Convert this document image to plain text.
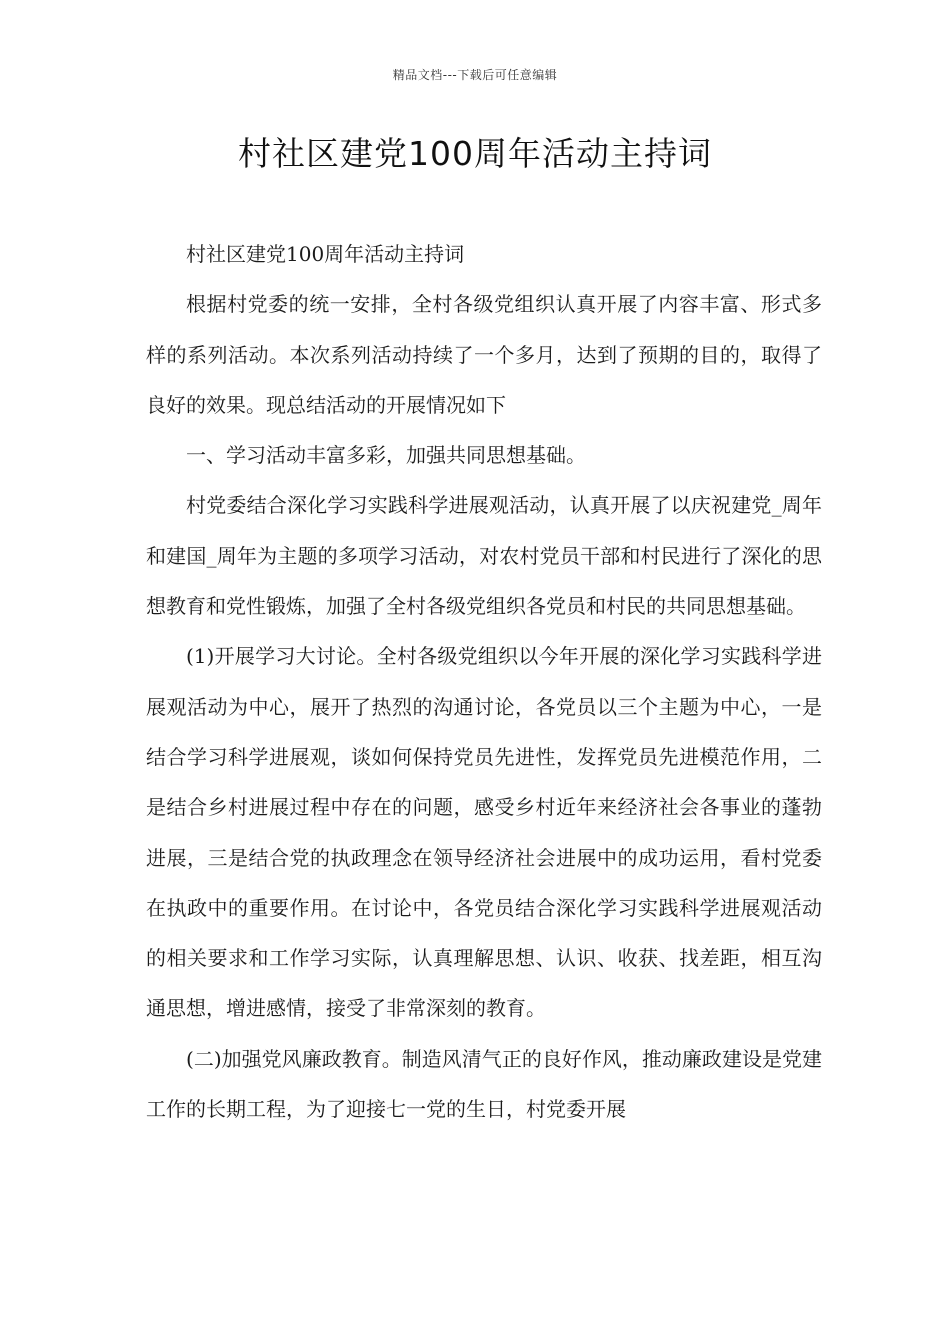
精品文档---下载后可任意编辑
村社区建党100周年活动主持词

村社区建党100周年活动主持词

根据村党委的统一安排，全村各级党组织认真开展了内容丰富、形式多样的系列活动。本次系列活动持续了一个多月，达到了预期的目的，取得了良好的效果。现总结活动的开展情况如下

一、学习活动丰富多彩，加强共同思想基础。

村党委结合深化学习实践科学进展观活动，认真开展了以庆祝建党_周年和建国_周年为主题的多项学习活动，对农村党员干部和村民进行了深化的思想教育和党性锻炼，加强了全村各级党组织各党员和村民的共同思想基础。

(1)开展学习大讨论。全村各级党组织以今年开展的深化学习实践科学进展观活动为中心，展开了热烈的沟通讨论，各党员以三个主题为中心，一是结合学习科学进展观，谈如何保持党员先进性，发挥党员先进模范作用，二是结合乡村进展过程中存在的问题，感受乡村近年来经济社会各事业的蓬勃进展，三是结合党的执政理念在领导经济社会进展中的成功运用，看村党委在执政中的重要作用。在讨论中，各党员结合深化学习实践科学进展观活动的相关要求和工作学习实际，认真理解思想、认识、收获、找差距，相互沟通思想，增进感情，接受了非常深刻的教育。

(二)加强党风廉政教育。制造风清气正的良好作风，推动廉政建设是党建工作的长期工程，为了迎接七一党的生日，村党委开展
